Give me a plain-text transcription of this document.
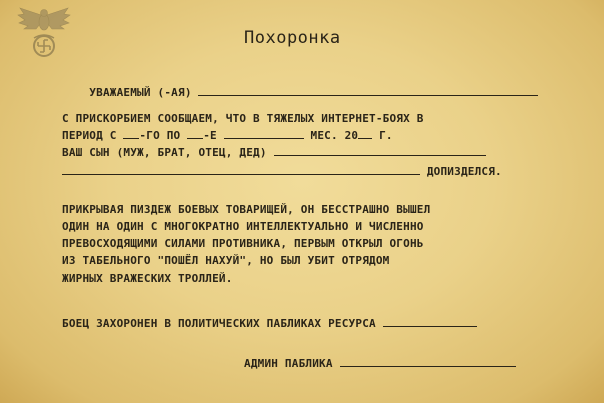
Похоронка

УВАЖАЕМЫЙ (-АЯ)

С ПРИСКОРБИЕМ СООБЩАЕМ, ЧТО В ТЯЖЕЛЫХ ИНТЕРНЕТ-БОЯХ В
ПЕРИОД С -ГО ПО -Е	МЕС. 20 Г.
ВАШ СЫН (МУЖ, БРАТ, ОТЕЦ, ДЕД)
ДОПИЗДЕЛСЯ.
ПРИКРЫВАЯ ПИЗДЕЖ БОЕВЫХ ТОВАРИЩЕЙ, ОН БЕССТРАШНО ВЫШЕЛ
ОДИН НА ОДИН С МНОГОКРАТНО ИНТЕЛЛЕКТУАЛЬНО И ЧИСЛЕННО
ПРЕВОСХОДЯЩИМИ СИЛАМИ ПРОТИВНИКА, ПЕРВЫМ ОТКРЫЛ ОГОНЬ
ИЗ ТАБЕЛЬНОГО "ПОШЁЛ НАХУЙ", НО БЫЛ УБИТ ОТРЯДОМ
ЖИРНЫХ ВРАЖЕСКИХ ТРОЛЛЕЙ.
БОЕЦ ЗАХОРОНЕН В ПОЛИТИЧЕСКИХ ПАБЛИКАХ РЕСУРСА
АДМИН ПАБЛИКА
